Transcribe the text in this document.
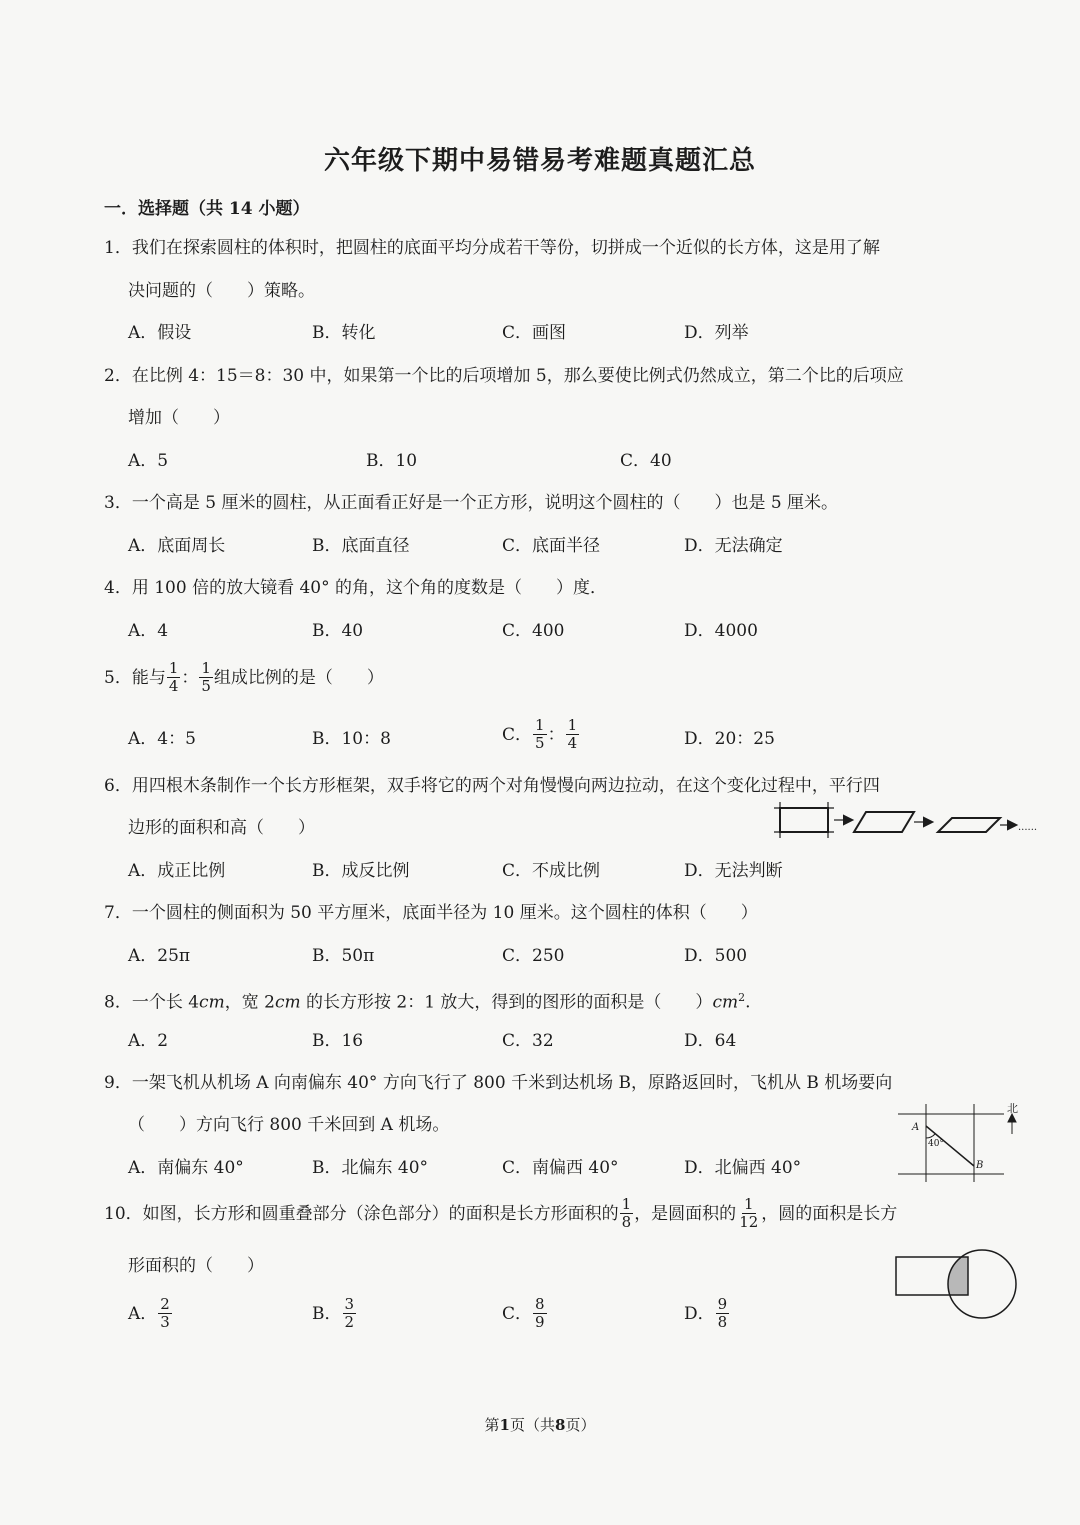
六年级下期中易错易考难题真题汇总
一．选择题（共 14 小题）
1．我们在探索圆柱的体积时，把圆柱的底面平均分成若干等份，切拼成一个近似的长方体，这是用了解
决问题的（　　）策略。
A．假设	B．转化	C．画图	D．列举
2．在比例 4：15＝8：30 中，如果第一个比的后项增加 5，那么要使比例式仍然成立，第二个比的后项应
增加（　　）
A．5	B．10	C．40
3．一个高是 5 厘米的圆柱，从正面看正好是一个正方形，说明这个圆柱的（　　）也是 5 厘米。
A．底面周长	B．底面直径	C．底面半径	D．无法确定
4．用 100 倍的放大镜看 40° 的角，这个角的度数是（　　）度．
A．4	B．40	C．400	D．4000
5．能与 $\frac{1}{4}$ ： $\frac{1}{5}$ 组成比例的是（　　）
A．4：5	B．10：8	C． $\frac{1}{5}$ ： $\frac{1}{4}$	D．20：25
6．用四根木条制作一个长方形框架，双手将它的两个对角慢慢向两边拉动，在这个变化过程中，平行四
边形的面积和高（　　）	......
A．成正比例	B．成反比例	C．不成比例	D．无法判断
7．一个圆柱的侧面积为 50 平方厘米，底面半径为 10 厘米。这个圆柱的体积（　　）
A．25π	B．50π	C．250	D．500
8．一个长 4cm，宽 2cm 的长方形按 2：1 放大，得到的图形的面积是（　　）$cm^2$.
A．2	B．16	C．32	D．64
9．一架飞机从机场 A 向南偏东 40° 方向飞行了 800 千米到达机场 B，原路返回时，飞机从 B 机场要向
（　　）方向飞行 800 千米回到 A 机场。
北
A
40°
B
A．南偏东 40°	B．北偏东 40°	C．南偏西 40°	D．北偏西 40°
10．如图，长方形和圆重叠部分（涂色部分）的面积是长方形面积的 $\frac{1}{8}$ ，是圆面积的 $\frac{1}{12}$ ，圆的面积是长方
形面积的（　　）
A． $\frac{2}{3}$	B． $\frac{3}{2}$	C． $\frac{8}{9}$	D． $\frac{9}{8}$
第1页（共8页）
